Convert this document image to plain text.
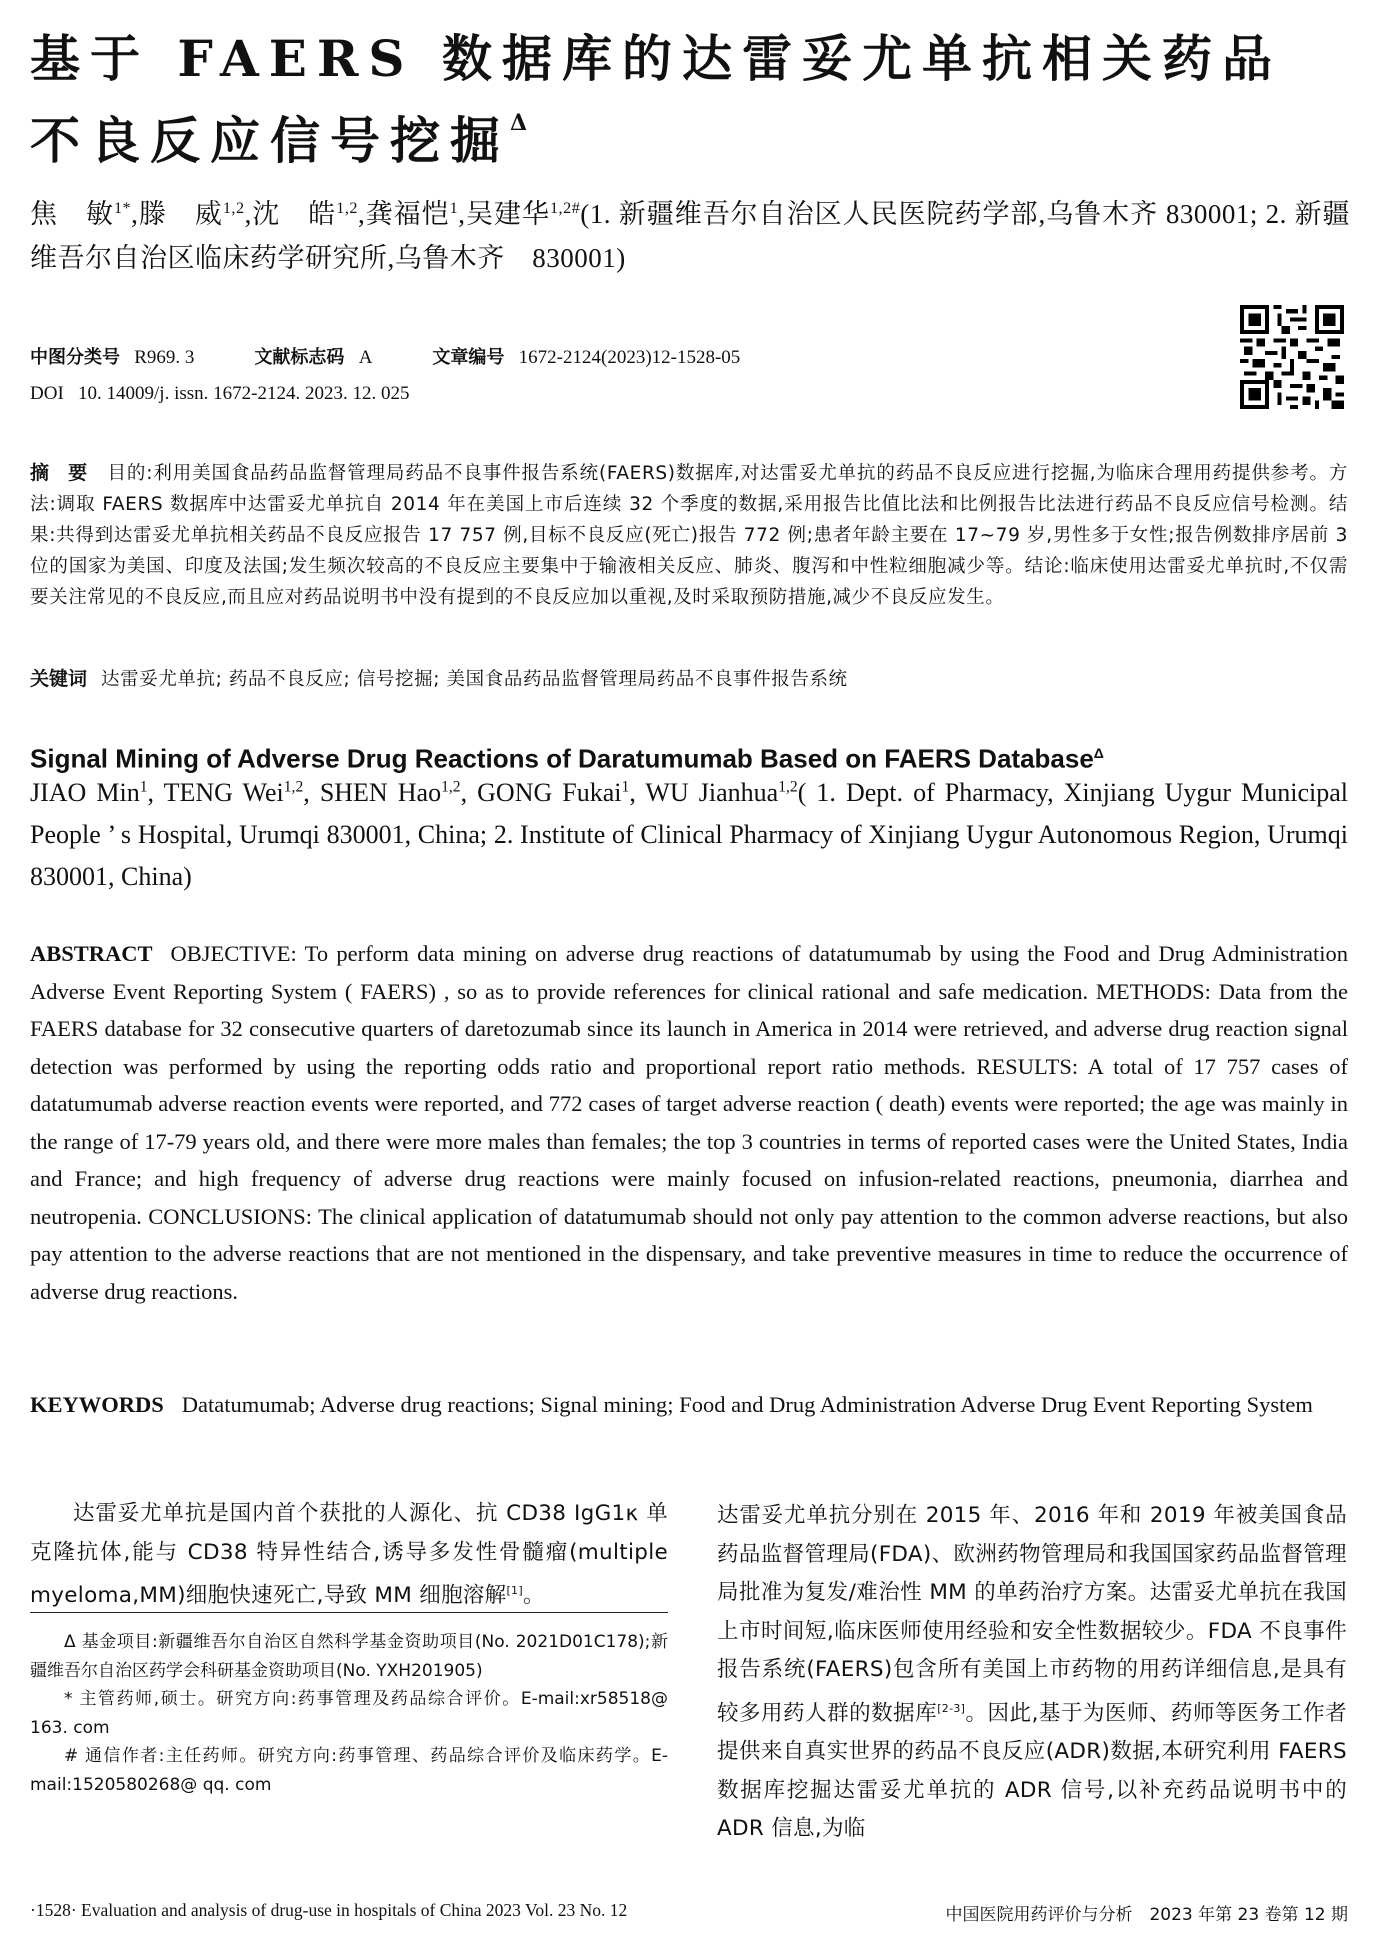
基于 FAERS 数据库的达雷妥尤单抗相关药品
不良反应信号挖掘$^\Delta$
焦　敏$^{1*}$,滕　威$^{1,2}$,沈　皓$^{1,2}$,龚福恺$^1$,吴建华$^{1,2\#}$(1. 新疆维吾尔自治区人民医院药学部,乌鲁木齐 830001; 2. 新疆维吾尔自治区临床药学研究所,乌鲁木齐　830001)
中图分类号 R969. 3	文献标志码 A	文章编号 1672-2124(2023)12-1528-05
DOI 10. 14009/j. issn. 1672-2124. 2023. 12. 025
摘 要 目的:利用美国食品药品监督管理局药品不良事件报告系统(FAERS)数据库,对达雷妥尤单抗的药品不良反应进行挖掘,为临床合理用药提供参考。方法:调取 FAERS 数据库中达雷妥尤单抗自 2014 年在美国上市后连续 32 个季度的数据,采用报告比值比法和比例报告比法进行药品不良反应信号检测。结果:共得到达雷妥尤单抗相关药品不良反应报告 17 757 例,目标不良反应(死亡)报告 772 例;患者年龄主要在 17~79 岁,男性多于女性;报告例数排序居前 3 位的国家为美国、印度及法国;发生频次较高的不良反应主要集中于输液相关反应、肺炎、腹泻和中性粒细胞减少等。结论:临床使用达雷妥尤单抗时,不仅需要关注常见的不良反应,而且应对药品说明书中没有提到的不良反应加以重视,及时采取预防措施,减少不良反应发生。
关键词 达雷妥尤单抗; 药品不良反应; 信号挖掘; 美国食品药品监督管理局药品不良事件报告系统
Signal Mining of Adverse Drug Reactions of Daratumumab Based on FAERS Database$^\Delta$
JIAO Min$^1$, TENG Wei$^{1,2}$, SHEN Hao$^{1,2}$, GONG Fukai$^1$, WU Jianhua$^{1,2}$( 1. Dept. of Pharmacy, Xinjiang Uygur Municipal People ’ s Hospital, Urumqi 830001, China; 2. Institute of Clinical Pharmacy of Xinjiang Uygur Autonomous Region, Urumqi 830001, China)
ABSTRACT OBJECTIVE: To perform data mining on adverse drug reactions of datatumumab by using the Food and Drug Administration Adverse Event Reporting System ( FAERS) , so as to provide references for clinical rational and safe medication. METHODS: Data from the FAERS database for 32 consecutive quarters of daretozumab since its launch in America in 2014 were retrieved, and adverse drug reaction signal detection was performed by using the reporting odds ratio and proportional report ratio methods. RESULTS: A total of 17 757 cases of datatumumab adverse reaction events were reported, and 772 cases of target adverse reaction ( death) events were reported; the age was mainly in the range of 17-79 years old, and there were more males than females; the top 3 countries in terms of reported cases were the United States, India and France; and high frequency of adverse drug reactions were mainly focused on infusion-related reactions, pneumonia, diarrhea and neutropenia. CONCLUSIONS: The clinical application of datatumumab should not only pay attention to the common adverse reactions, but also pay attention to the adverse reactions that are not mentioned in the dispensary, and take preventive measures in time to reduce the occurrence of adverse drug reactions.
KEYWORDS Datatumumab; Adverse drug reactions; Signal mining; Food and Drug Administration Adverse Drug Event Reporting System

达雷妥尤单抗是国内首个获批的人源化、抗 CD38 IgG1κ 单克隆抗体,能与 CD38 特异性结合,诱导多发性骨髓瘤(multiple myeloma,MM)细胞快速死亡,导致 MM 细胞溶解[1]。

Δ 基金项目:新疆维吾尔自治区自然科学基金资助项目(No. 2021D01C178);新疆维吾尔自治区药学会科研基金资助项目(No. YXH201905)

* 主管药师,硕士。研究方向:药事管理及药品综合评价。E-mail:xr58518@ 163. com

# 通信作者:主任药师。研究方向:药事管理、药品综合评价及临床药学。E-mail:1520580268@ qq. com

达雷妥尤单抗分别在 2015 年、2016 年和 2019 年被美国食品药品监督管理局(FDA)、欧洲药物管理局和我国国家药品监督管理局批准为复发/难治性 MM 的单药治疗方案。达雷妥尤单抗在我国上市时间短,临床医师使用经验和安全性数据较少。FDA 不良事件报告系统(FAERS)包含所有美国上市药物的用药详细信息,是具有较多用药人群的数据库[2-3]。因此,基于为医师、药师等医务工作者提供来自真实世界的药品不良反应(ADR)数据,本研究利用 FAERS 数据库挖掘达雷妥尤单抗的 ADR 信号,以补充药品说明书中的 ADR 信息,为临

·1528· Evaluation and analysis of drug-use in hospitals of China 2023 Vol. 23 No. 12	中国医院用药评价与分析　2023 年第 23 卷第 12 期
